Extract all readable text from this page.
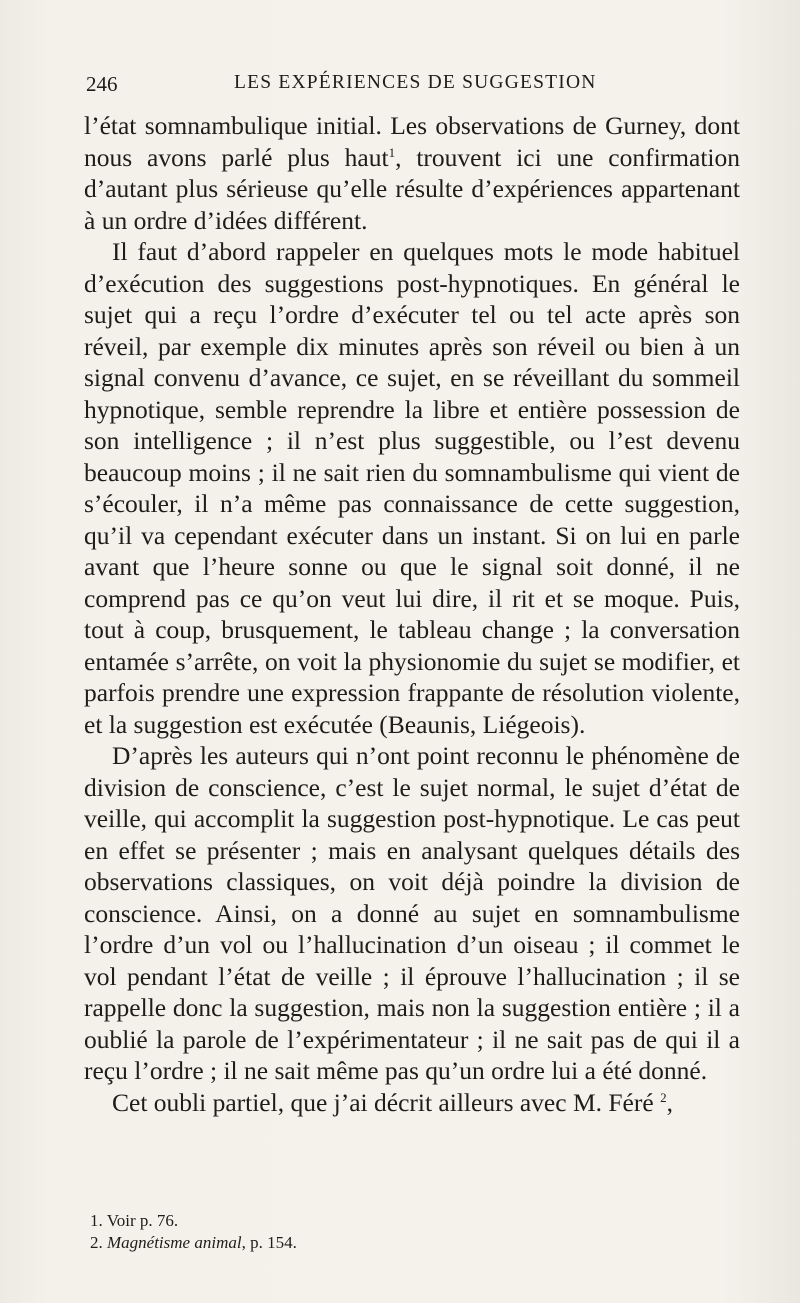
246	LES EXPÉRIENCES DE SUGGESTION

l’état somnambulique initial. Les observations de Gurney, dont nous avons parlé plus haut$^1$, trouvent ici une confirmation d’autant plus sérieuse qu’elle résulte d’expériences appartenant à un ordre d’idées différent.

Il faut d’abord rappeler en quelques mots le mode habituel d’exécution des suggestions post-hypnotiques. En général le sujet qui a reçu l’ordre d’exécuter tel ou tel acte après son réveil, par exemple dix minutes après son réveil ou bien à un signal convenu d’avance, ce sujet, en se réveillant du sommeil hypnotique, semble reprendre la libre et entière possession de son intelligence ; il n’est plus suggestible, ou l’est devenu beaucoup moins ; il ne sait rien du somnambulisme qui vient de s’écouler, il n’a même pas connaissance de cette suggestion, qu’il va cependant exécuter dans un instant. Si on lui en parle avant que l’heure sonne ou que le signal soit donné, il ne comprend pas ce qu’on veut lui dire, il rit et se moque. Puis, tout à coup, brusquement, le tableau change ; la conversation entamée s’arrête, on voit la physionomie du sujet se modifier, et parfois prendre une expression frappante de résolution violente, et la suggestion est exécutée (Beaunis, Liégeois).

D’après les auteurs qui n’ont point reconnu le phénomène de division de conscience, c’est le sujet normal, le sujet d’état de veille, qui accomplit la suggestion post-hypnotique. Le cas peut en effet se présenter ; mais en analysant quelques détails des observations classiques, on voit déjà poindre la division de conscience. Ainsi, on a donné au sujet en somnambulisme l’ordre d’un vol ou l’hallucination d’un oiseau ; il commet le vol pendant l’état de veille ; il éprouve l’hallucination ; il se rappelle donc la suggestion, mais non la suggestion entière ; il a oublié la parole de l’expérimentateur ; il ne sait pas de qui il a reçu l’ordre ; il ne sait même pas qu’un ordre lui a été donné.

Cet oubli partiel, que j’ai décrit ailleurs avec M. Féré $^2$,

1. Voir p. 76.

2. Magnétisme animal, p. 154.
